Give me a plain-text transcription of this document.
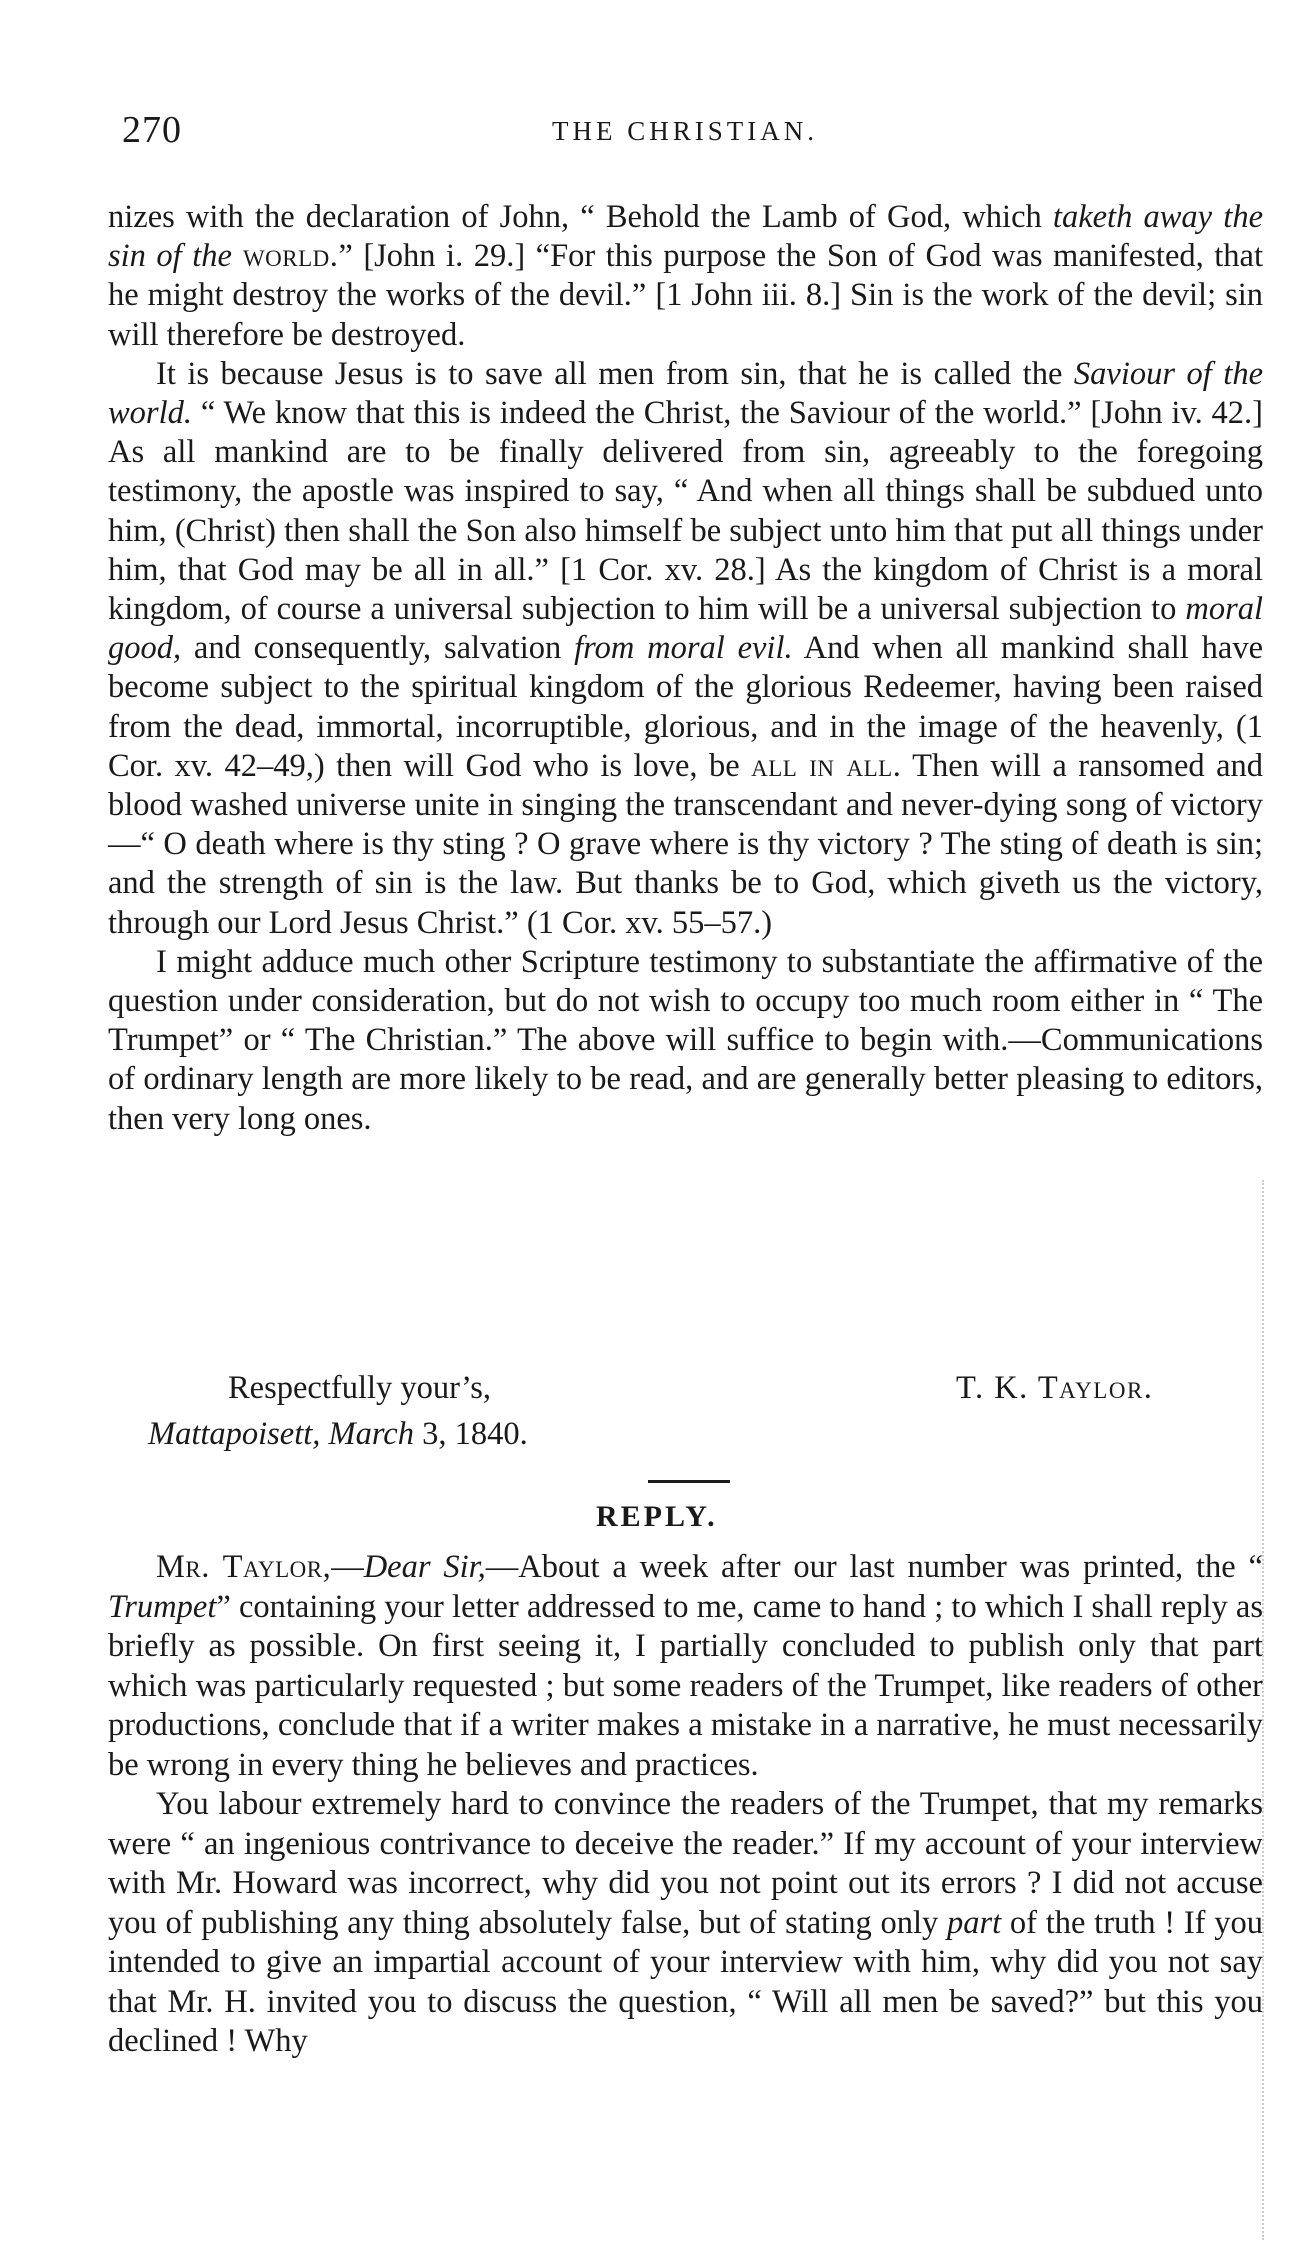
270	THE CHRISTIAN.

nizes with the declaration of John, “ Behold the Lamb of God, which taketh away the sin of the world.” [John i. 29.] “For this purpose the Son of God was manifested, that he might destroy the works of the devil.” [1 John iii. 8.] Sin is the work of the devil; sin will therefore be destroyed.

It is because Jesus is to save all men from sin, that he is called the Saviour of the world. “ We know that this is indeed the Christ, the Saviour of the world.” [John iv. 42.] As all mankind are to be finally delivered from sin, agreeably to the foregoing testimony, the apostle was inspired to say, “ And when all things shall be subdued unto him, (Christ) then shall the Son also himself be subject unto him that put all things under him, that God may be all in all.” [1 Cor. xv. 28.] As the kingdom of Christ is a moral kingdom, of course a universal subjection to him will be a universal subjection to moral good, and consequently, salvation from moral evil. And when all mankind shall have become subject to the spiritual kingdom of the glorious Redeemer, having been raised from the dead, immortal, incorruptible, glorious, and in the image of the heavenly, (1 Cor. xv. 42–49,) then will God who is love, be all in all. Then will a ransomed and blood washed universe unite in singing the transcendant and never-dying song of victory—“ O death where is thy sting ? O grave where is thy victory ? The sting of death is sin; and the strength of sin is the law. But thanks be to God, which giveth us the victory, through our Lord Jesus Christ.” (1 Cor. xv. 55–57.)

I might adduce much other Scripture testimony to substantiate the affirmative of the question under consideration, but do not wish to occupy too much room either in “ The Trumpet” or “ The Christian.” The above will suffice to begin with.—Communications of ordinary length are more likely to be read, and are generally better pleasing to editors, then very long ones.

Respectfully your’s,	T. K. Taylor.
Mattapoisett, March 3, 1840.
REPLY.

Mr. Taylor,—Dear Sir,—About a week after our last number was printed, the “ Trumpet” containing your letter addressed to me, came to hand ; to which I shall reply as briefly as possible. On first seeing it, I partially concluded to publish only that part which was particularly requested ; but some readers of the Trumpet, like readers of other productions, conclude that if a writer makes a mistake in a narrative, he must necessarily be wrong in every thing he believes and practices.

You labour extremely hard to convince the readers of the Trumpet, that my remarks were “ an ingenious contrivance to deceive the reader.” If my account of your interview with Mr. Howard was incorrect, why did you not point out its errors ? I did not accuse you of publishing any thing absolutely false, but of stating only part of the truth ! If you intended to give an impartial account of your interview with him, why did you not say that Mr. H. invited you to discuss the question, “ Will all men be saved?” but this you declined ! Why
